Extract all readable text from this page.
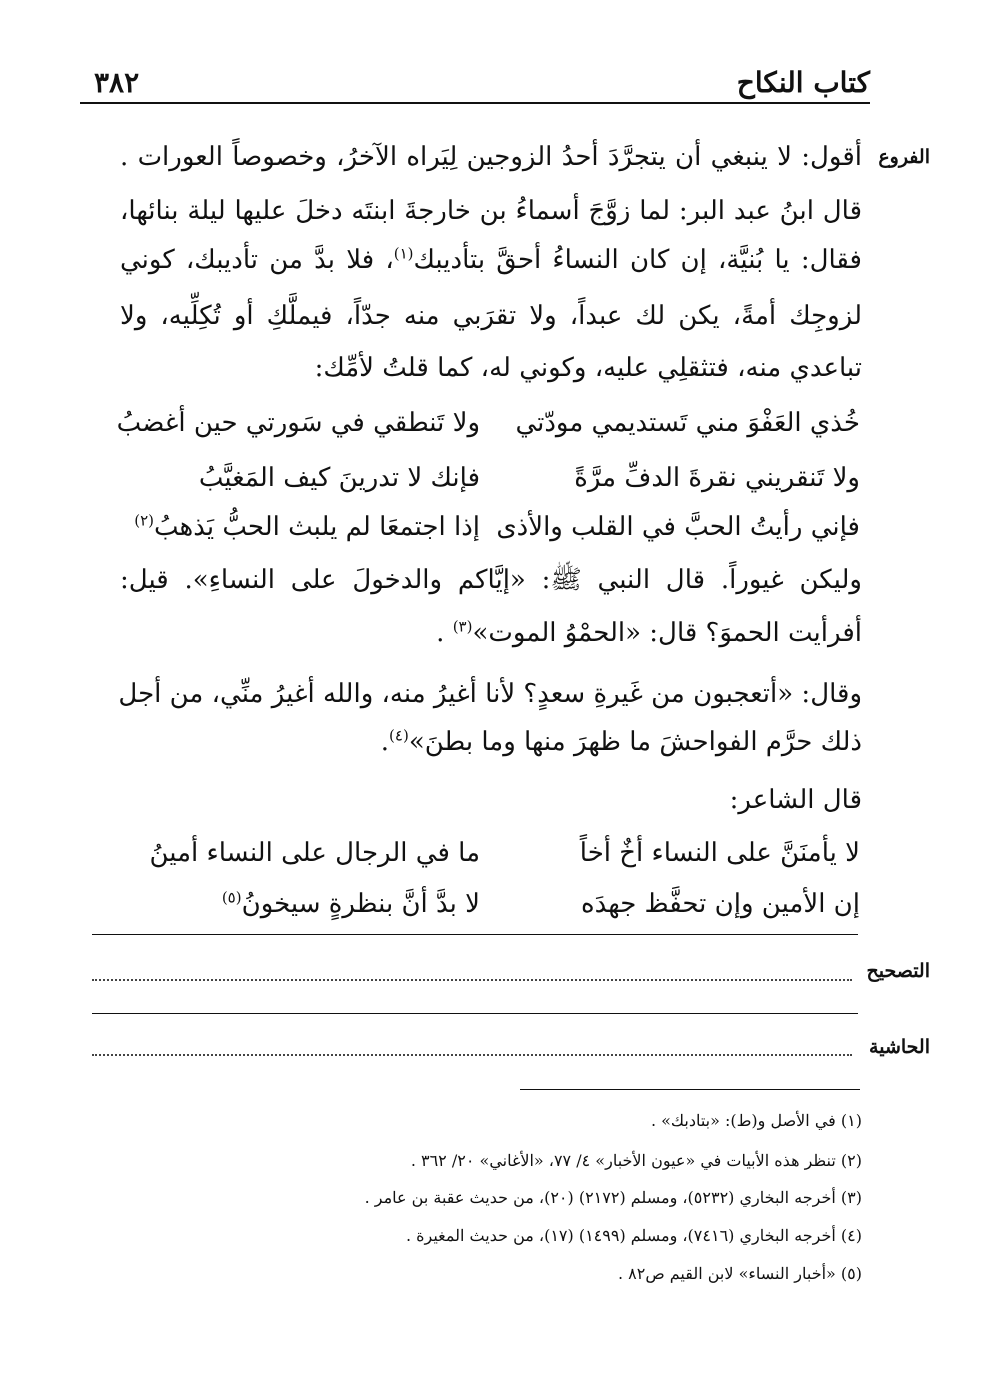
كتاب النكاح
٣٨٢
الفروع
أقول: لا ينبغي أن يتجرَّدَ أحدُ الزوجين لِيَراه الآخرُ، وخصوصاً العورات .
قال ابنُ عبد البر: لما زوَّجَ أسماءُ بن خارجةَ ابنتَه دخلَ عليها ليلة بنائها،
فقال: يا بُنيَّة، إن كان النساءُ أحقَّ بتأديبك$^{(١)}$، فلا بدَّ من تأديبك، كوني
لزوجِك أمةً، يكن لك عبداً، ولا تقرَبي منه جدّاً، فيملَّكِ أو تُكِلِّيه، ولا
تباعدي منه، فتثقلِي عليه، وكوني له، كما قلتُ لأمِّك:
خُذي العَفْوَ مني تَستديمي مودّتي
ولا تَنطقي في سَورتي حين أغضبُ
ولا تَنقريني نقرةَ الدفِّ مرَّةً
فإنك لا تدرينَ كيف المَغيَّبُ
فإني رأيتُ الحبَّ في القلب والأذى
إذا اجتمعَا لم يلبث الحبُّ يَذهبُ$^{(٢)}$
وليكن غيوراً. قال النبي ﷺ: «إيَّاكم والدخولَ على النساءِ». قيل:
أفرأيت الحموَ؟ قال: «الحمْوُ الموت»$^{(٣)}$ .
وقال: «أتعجبون من غَيرةِ سعدٍ؟ لأنا أغيرُ منه، والله أغيرُ منِّي، من أجل
ذلك حرَّم الفواحشَ ما ظهرَ منها وما بطنَ»$^{(٤)}$.
قال الشاعر:
لا يأمنَنَّ على النساء أخٌ أخاً
ما في الرجال على النساء أمينُ
إن الأمين وإن تحفَّظ جهدَه
لا بدَّ أنَّ بنظرةٍ سيخونُ$^{(٥)}$
التصحيح
الحاشية
(١) في الأصل و(ط): «بتادبك» .
(٢) تنظر هذه الأبيات في «عيون الأخبار» ٤/ ٧٧، «الأغاني» ٢٠/ ٣٦٢ .
(٣) أخرجه البخاري (٥٢٣٢)، ومسلم (٢١٧٢) (٢٠)، من حديث عقبة بن عامر .
(٤) أخرجه البخاري (٧٤١٦)، ومسلم (١٤٩٩) (١٧)، من حديث المغيرة .
(٥) «أخبار النساء» لابن القيم ص٨٢ .
